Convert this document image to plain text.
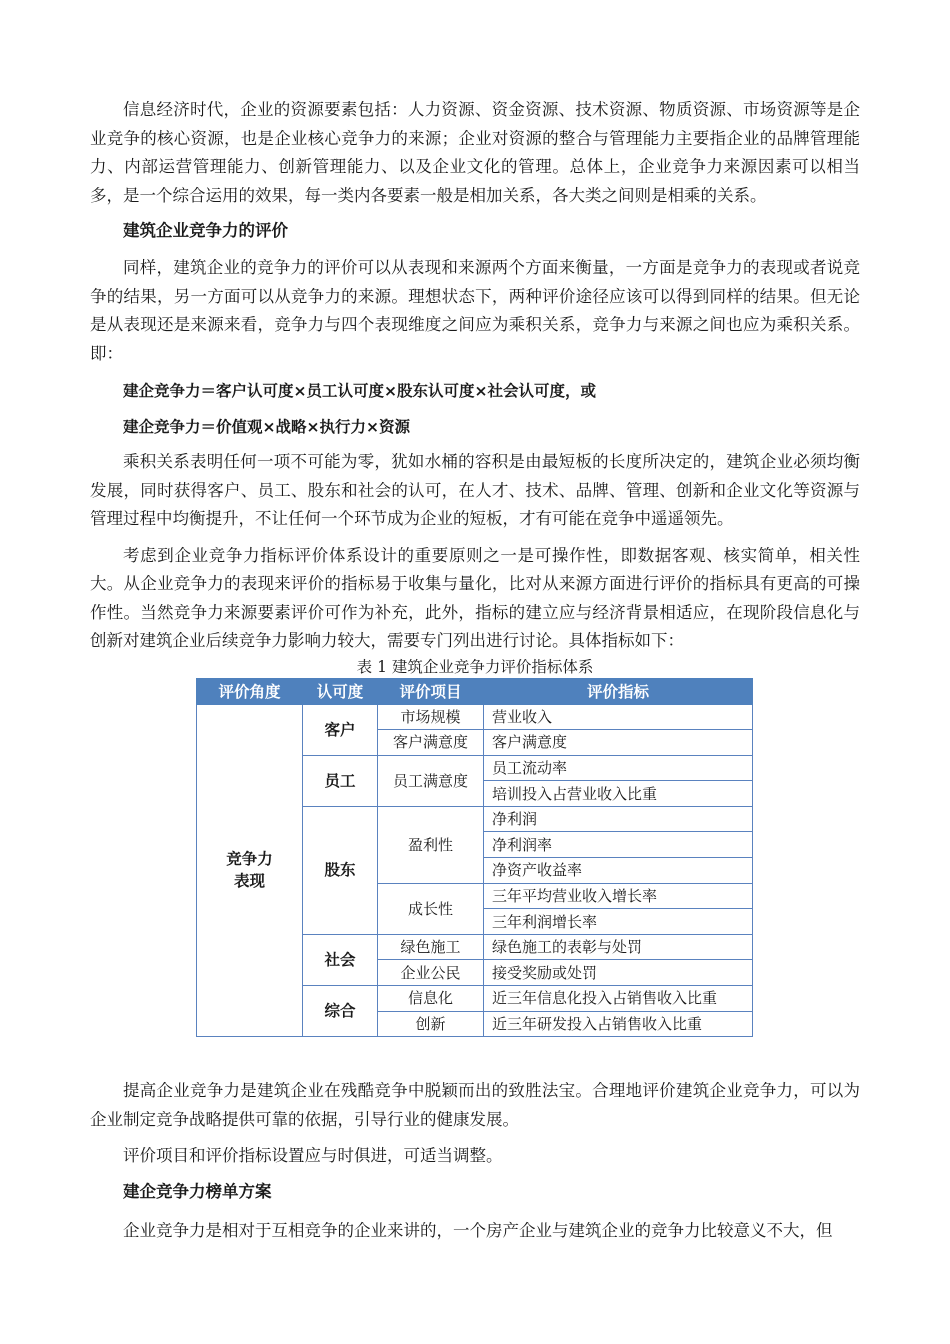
信息经济时代，企业的资源要素包括：人力资源、资金资源、技术资源、物质资源、市场资源等是企业竞争的核心资源，也是企业核心竞争力的来源；企业对资源的整合与管理能力主要指企业的品牌管理能力、内部运营管理能力、创新管理能力、以及企业文化的管理。总体上，企业竞争力来源因素可以相当多，是一个综合运用的效果，每一类内各要素一般是相加关系，各大类之间则是相乘的关系。

建筑企业竞争力的评价

同样，建筑企业的竞争力的评价可以从表现和来源两个方面来衡量，一方面是竞争力的表现或者说竞争的结果，另一方面可以从竞争力的来源。理想状态下，两种评价途径应该可以得到同样的结果。但无论是从表现还是来源来看，竞争力与四个表现维度之间应为乘积关系，竞争力与来源之间也应为乘积关系。即：

建企竞争力＝客户认可度×员工认可度×股东认可度×社会认可度，或

建企竞争力＝价值观×战略×执行力×资源

乘积关系表明任何一项不可能为零，犹如水桶的容积是由最短板的长度所决定的，建筑企业必须均衡发展，同时获得客户、员工、股东和社会的认可，在人才、技术、品牌、管理、创新和企业文化等资源与管理过程中均衡提升，不让任何一个环节成为企业的短板，才有可能在竞争中遥遥领先。

考虑到企业竞争力指标评价体系设计的重要原则之一是可操作性，即数据客观、核实简单，相关性大。从企业竞争力的表现来评价的指标易于收集与量化，比对从来源方面进行评价的指标具有更高的可操作性。当然竞争力来源要素评价可作为补充，此外，指标的建立应与经济背景相适应，在现阶段信息化与创新对建筑企业后续竞争力影响力较大，需要专门列出进行讨论。具体指标如下：

表 1 建筑企业竞争力评价指标体系

评价角度	认可度	评价项目	评价指标
竞争力
表现	客户	市场规模	营业收入
		客户满意度	客户满意度
	员工	员工满意度	员工流动率
			培训投入占营业收入比重
	股东	盈利性	净利润
			净利润率
			净资产收益率
		成长性	三年平均营业收入增长率
			三年利润增长率
	社会	绿色施工	绿色施工的表彰与处罚
		企业公民	接受奖励或处罚
	综合	信息化	近三年信息化投入占销售收入比重
		创新	近三年研发投入占销售收入比重

提高企业竞争力是建筑企业在残酷竞争中脱颖而出的致胜法宝。合理地评价建筑企业竞争力，可以为企业制定竞争战略提供可靠的依据，引导行业的健康发展。

评价项目和评价指标设置应与时俱进，可适当调整。

建企竞争力榜单方案

企业竞争力是相对于互相竞争的企业来讲的，一个房产企业与建筑企业的竞争力比较意义不大，但
